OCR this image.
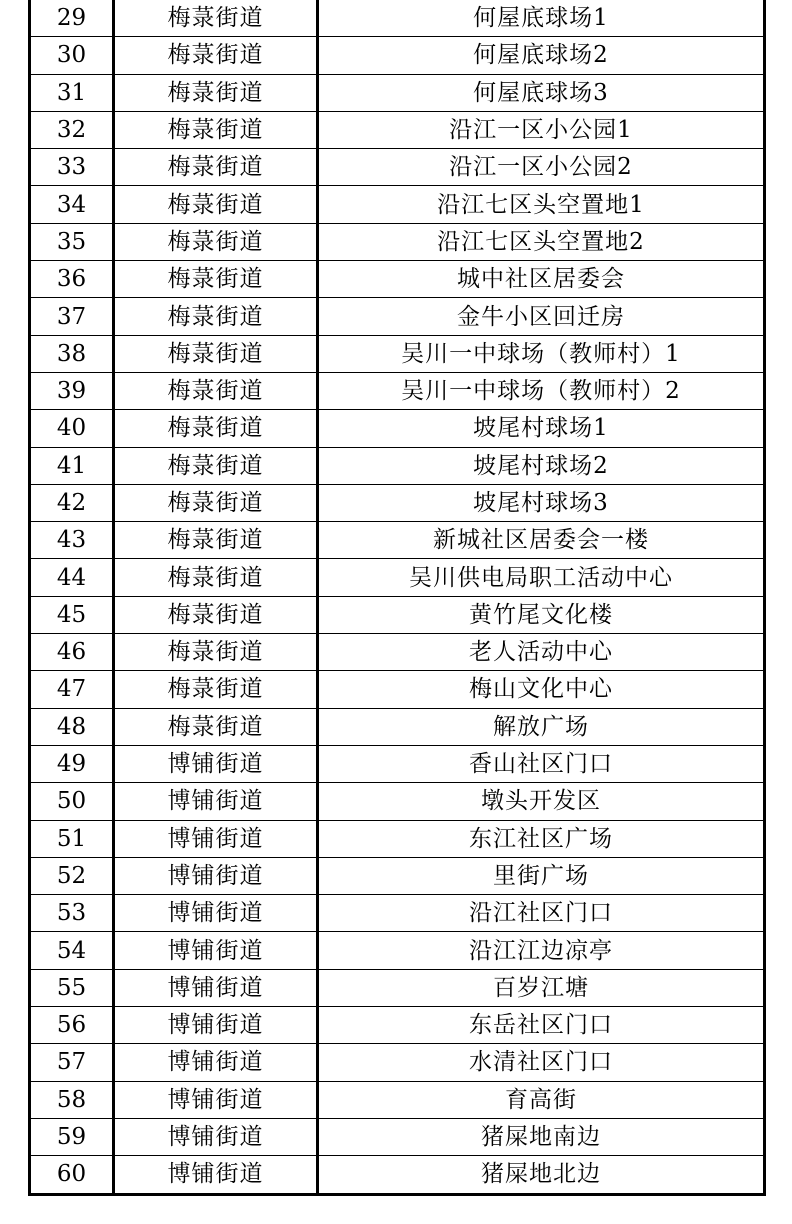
29	梅菉街道	何屋底球场1
30	梅菉街道	何屋底球场2
31	梅菉街道	何屋底球场3
32	梅菉街道	沿江一区小公园1
33	梅菉街道	沿江一区小公园2
34	梅菉街道	沿江七区头空置地1
35	梅菉街道	沿江七区头空置地2
36	梅菉街道	城中社区居委会
37	梅菉街道	金牛小区回迁房
38	梅菉街道	吴川一中球场（教师村）1
39	梅菉街道	吴川一中球场（教师村）2
40	梅菉街道	坡尾村球场1
41	梅菉街道	坡尾村球场2
42	梅菉街道	坡尾村球场3
43	梅菉街道	新城社区居委会一楼
44	梅菉街道	吴川供电局职工活动中心
45	梅菉街道	黄竹尾文化楼
46	梅菉街道	老人活动中心
47	梅菉街道	梅山文化中心
48	梅菉街道	解放广场
49	博铺街道	香山社区门口
50	博铺街道	墩头开发区
51	博铺街道	东江社区广场
52	博铺街道	里街广场
53	博铺街道	沿江社区门口
54	博铺街道	沿江江边凉亭
55	博铺街道	百岁江塘
56	博铺街道	东岳社区门口
57	博铺街道	水清社区门口
58	博铺街道	育高街
59	博铺街道	猪屎地南边
60	博铺街道	猪屎地北边
